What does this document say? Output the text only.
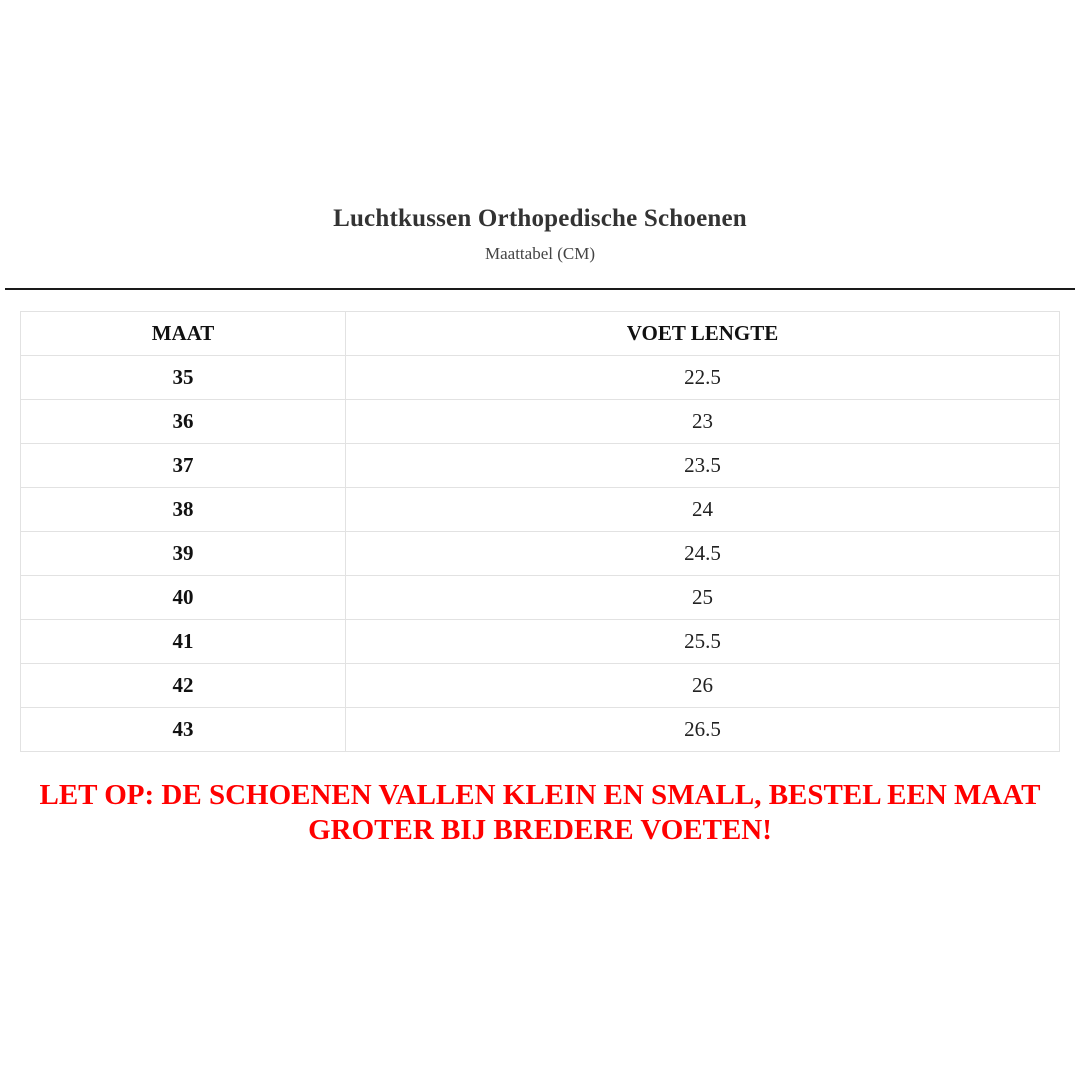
Luchtkussen Orthopedische Schoenen
Maattabel (CM)
MAAT	VOET LENGTE
35	22.5
36	23
37	23.5
38	24
39	24.5
40	25
41	25.5
42	26
43	26.5
LET OP: DE SCHOENEN VALLEN KLEIN EN SMALL, BESTEL EEN MAAT GROTER BIJ BREDERE VOETEN!
